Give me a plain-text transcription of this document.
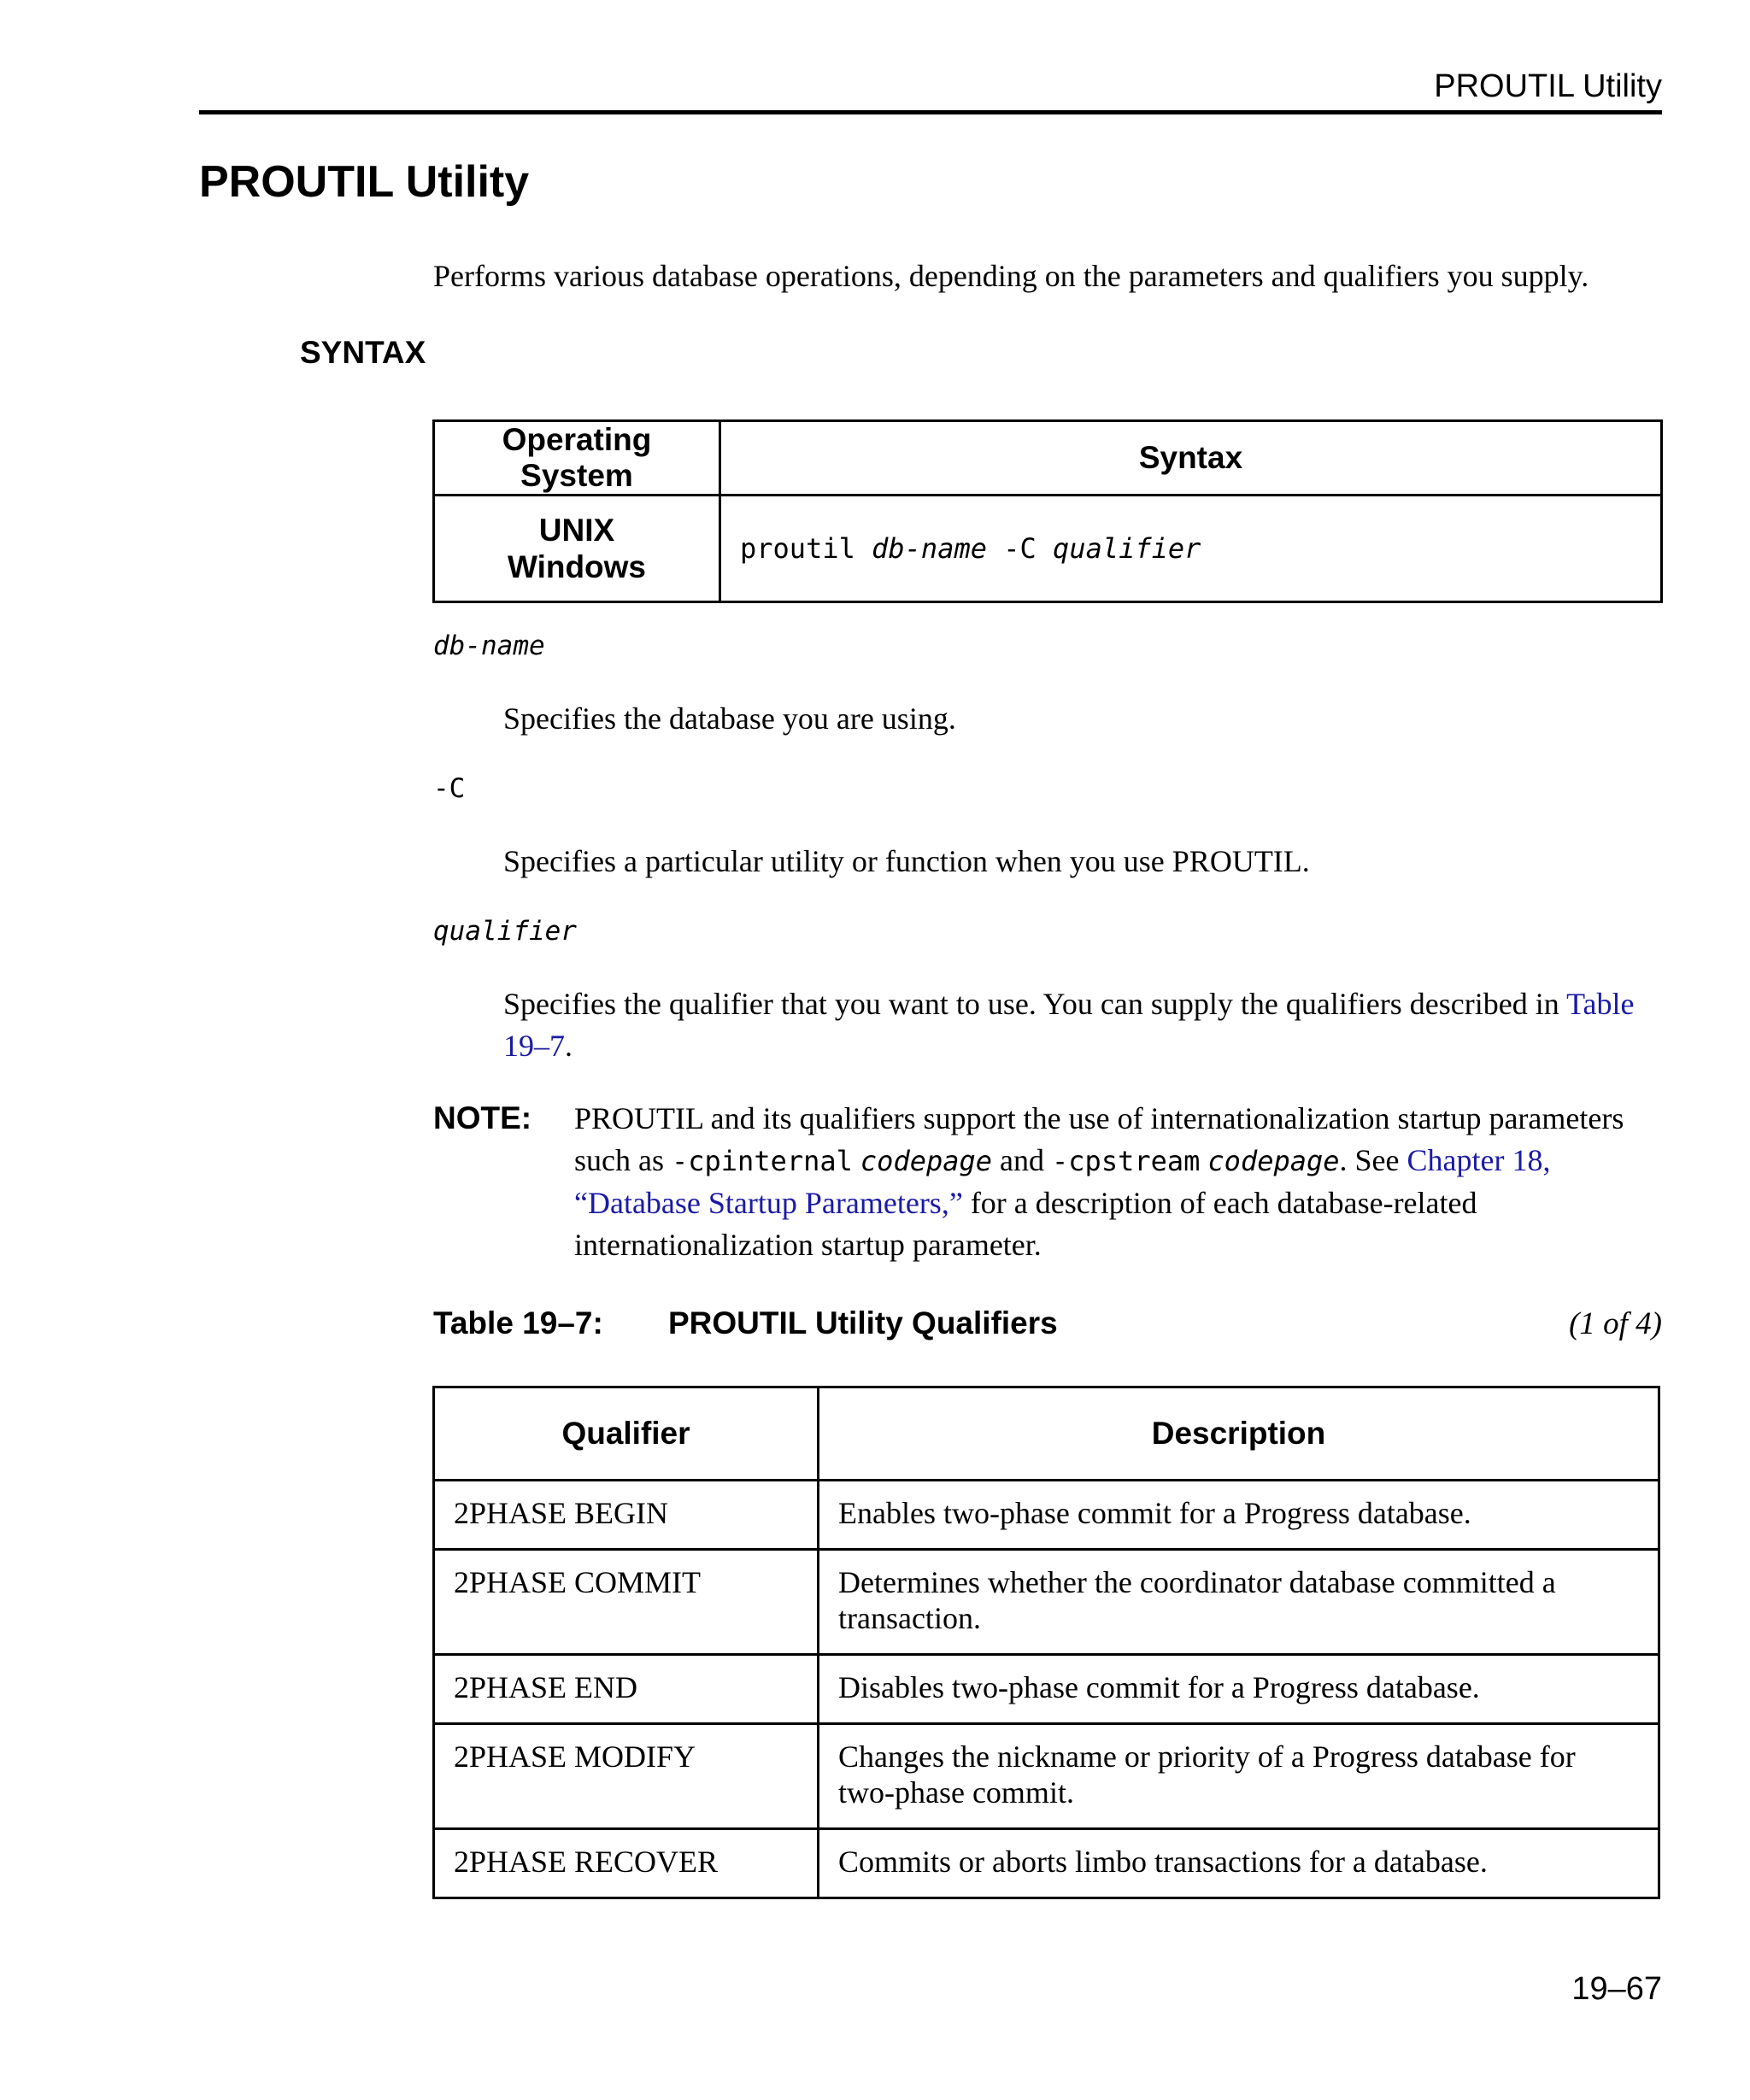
PROUTIL Utility
PROUTIL Utility

Performs various database operations, depending on the parameters and qualifiers you supply.

SYNTAX
Operating System	Syntax

UNIX
Windows	proutil db-name -C qualifier
db-name
Specifies the database you are using.
-C
Specifies a particular utility or function when you use PROUTIL.
qualifier
Specifies the qualifier that you want to use. You can supply the qualifiers described in Table 19–7.
NOTE: PROUTIL and its qualifiers support the use of internationalization startup parameters such as -cpinternal codepage and -cpstream codepage. See Chapter 18, “Database Startup Parameters,” for a description of each database-related internationalization startup parameter.
Table 19–7: PROUTIL Utility Qualifiers	(1 of 4)
Qualifier	Description
2PHASE BEGIN	Enables two-phase commit for a Progress database.
2PHASE COMMIT	Determines whether the coordinator database committed a transaction.
2PHASE END	Disables two-phase commit for a Progress database.
2PHASE MODIFY	Changes the nickname or priority of a Progress database for two-phase commit.
2PHASE RECOVER	Commits or aborts limbo transactions for a database.
19–67
